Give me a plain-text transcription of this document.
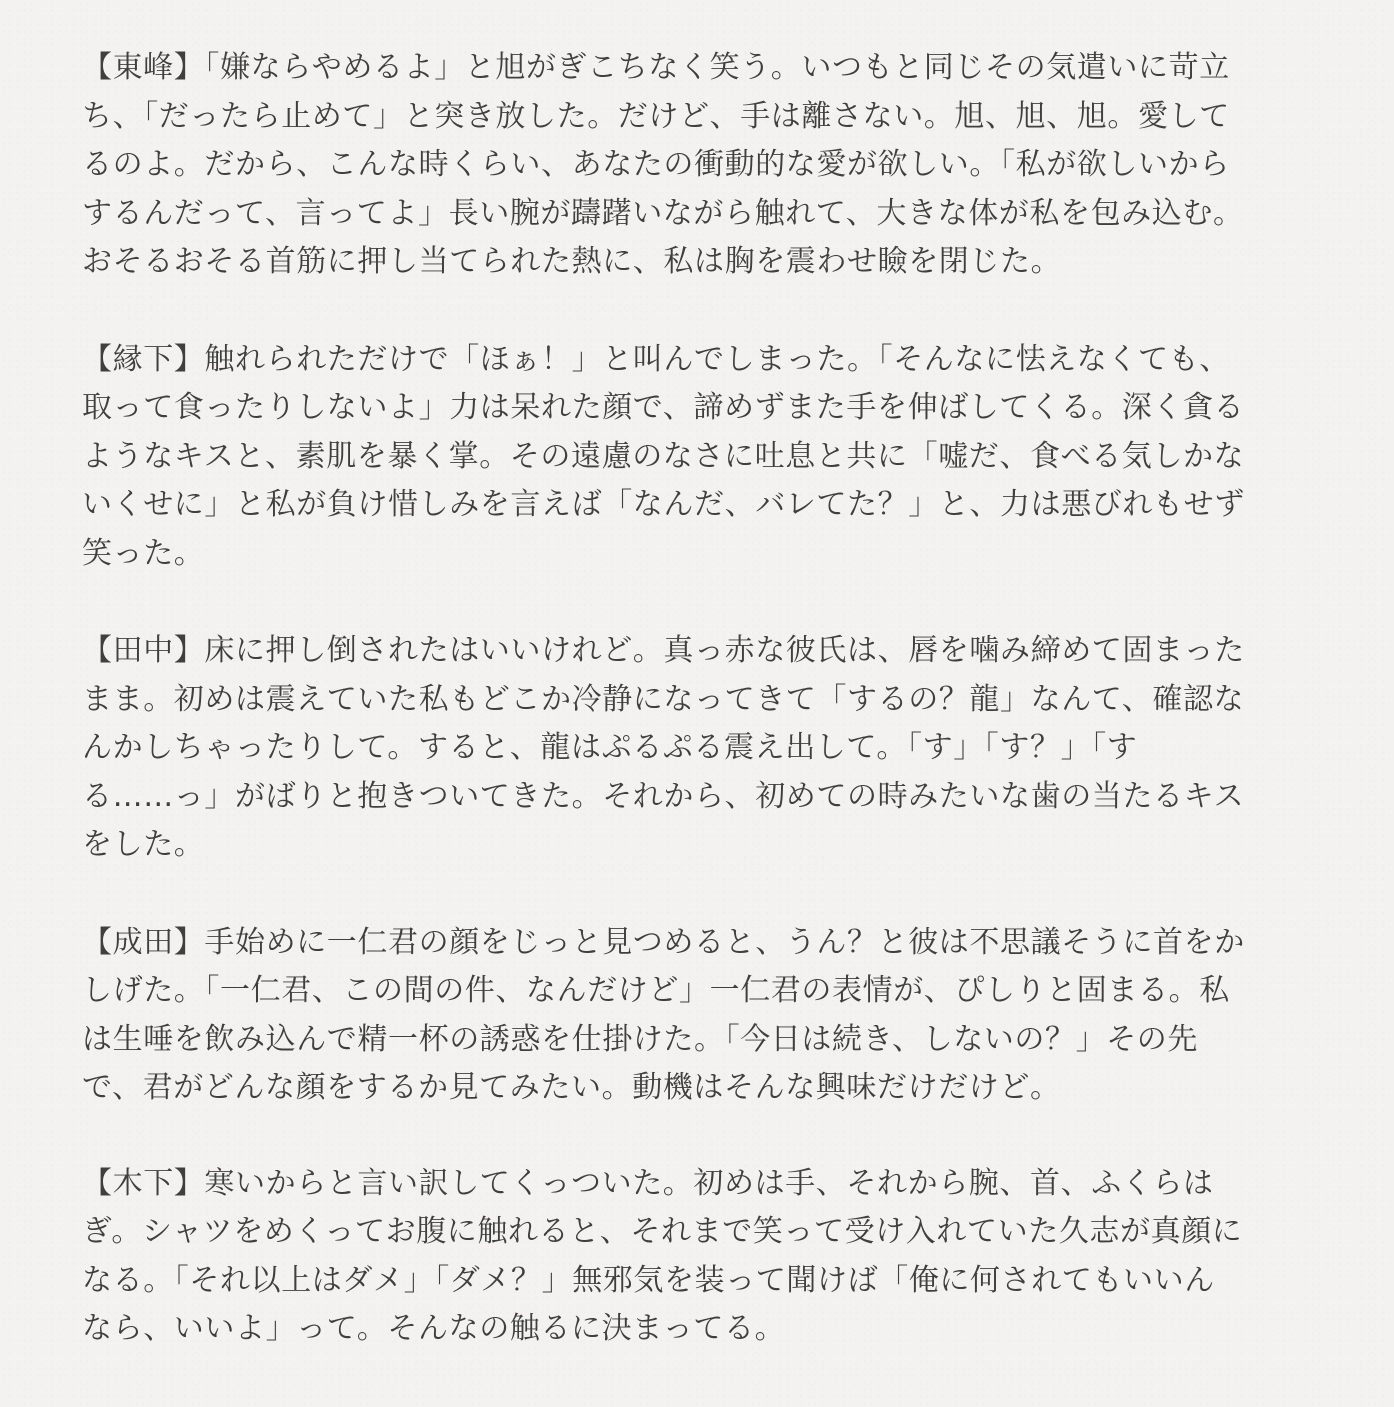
【東峰】「嫌ならやめるよ」と旭がぎこちなく笑う。いつもと同じその気遣いに苛立
ち、「だったら止めて」と突き放した。だけど、手は離さない。旭、旭、旭。愛して
るのよ。だから、こんな時くらい、あなたの衝動的な愛が欲しい。「私が欲しいから
するんだって、言ってよ」長い腕が躊躇いながら触れて、大きな体が私を包み込む。
おそるおそる首筋に押し当てられた熱に、私は胸を震わせ瞼を閉じた。

【縁下】触れられただけで「ほぁ！」と叫んでしまった。「そんなに怯えなくても、
取って食ったりしないよ」力は呆れた顔で、諦めずまた手を伸ばしてくる。深く貪る
ようなキスと、素肌を暴く掌。その遠慮のなさに吐息と共に「嘘だ、食べる気しかな
いくせに」と私が負け惜しみを言えば「なんだ、バレてた？」と、力は悪びれもせず
笑った。

【田中】床に押し倒されたはいいけれど。真っ赤な彼氏は、唇を噛み締めて固まった
まま。初めは震えていた私もどこか冷静になってきて「するの？龍」なんて、確認な
んかしちゃったりして。すると、龍はぷるぷる震え出して。「す」「す？」「す
る……っ」がばりと抱きついてきた。それから、初めての時みたいな歯の当たるキス
をした。

【成田】手始めに一仁君の顔をじっと見つめると、うん？と彼は不思議そうに首をか
しげた。「一仁君、この間の件、なんだけど」一仁君の表情が、ぴしりと固まる。私
は生唾を飲み込んで精一杯の誘惑を仕掛けた。「今日は続き、しないの？」その先
で、君がどんな顔をするか見てみたい。動機はそんな興味だけだけど。

【木下】寒いからと言い訳してくっついた。初めは手、それから腕、首、ふくらは
ぎ。シャツをめくってお腹に触れると、それまで笑って受け入れていた久志が真顔に
なる。「それ以上はダメ」「ダメ？」無邪気を装って聞けば「俺に何されてもいいん
なら、いいよ」って。そんなの触るに決まってる。
